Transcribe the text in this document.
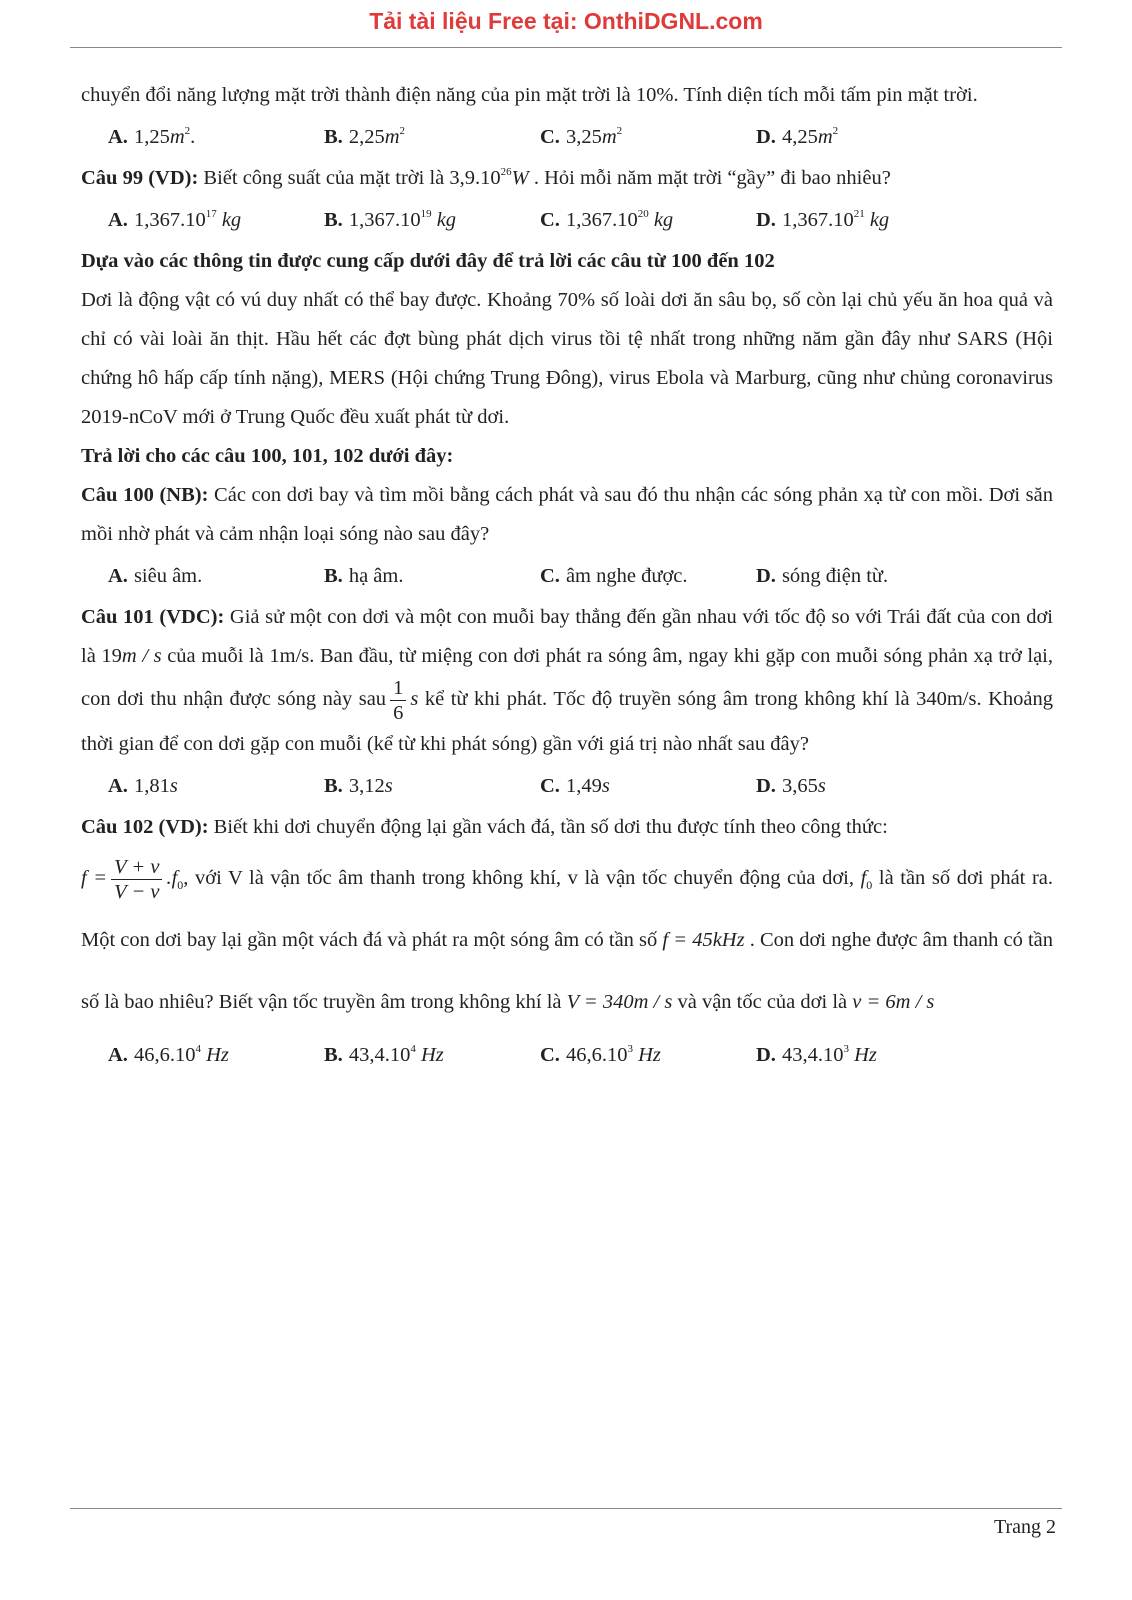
Tải tài liệu Free tại: OnthiDGNL.com

chuyển đổi năng lượng mặt trời thành điện năng của pin mặt trời là 10%. Tính diện tích mỗi tấm pin mặt trời.

A. $1,25m^2$.	B. $2,25m^2$	C. $3,25m^2$	D. $4,25m^2$

Câu 99 (VD): Biết công suất của mặt trời là 3,9.10$^{26}$W . Hỏi mỗi năm mặt trời “gầy” đi bao nhiêu?

A. 1,367.10$^{17}$ kg	B. 1,367.10$^{19}$ kg	C. 1,367.10$^{20}$ kg	D. 1,367.10$^{21}$ kg

Dựa vào các thông tin được cung cấp dưới đây để trả lời các câu từ 100 đến 102

Dơi là động vật có vú duy nhất có thể bay được. Khoảng 70% số loài dơi ăn sâu bọ, số còn lại chủ yếu ăn hoa quả và chỉ có vài loài ăn thịt. Hầu hết các đợt bùng phát dịch virus tồi tệ nhất trong những năm gần đây như SARS (Hội chứng hô hấp cấp tính nặng), MERS (Hội chứng Trung Đông), virus Ebola và Marburg, cũng như chủng coronavirus 2019-nCoV mới ở Trung Quốc đều xuất phát từ dơi.

Trả lời cho các câu 100, 101, 102 dưới đây:

Câu 100 (NB): Các con dơi bay và tìm mồi bằng cách phát và sau đó thu nhận các sóng phản xạ từ con mồi. Dơi săn mồi nhờ phát và cảm nhận loại sóng nào sau đây?

A. siêu âm.	B. hạ âm.	C. âm nghe được.	D. sóng điện từ.

Câu 101 (VDC): Giả sử một con dơi và một con muỗi bay thẳng đến gần nhau với tốc độ so với Trái đất của con dơi là 19m / s của muỗi là 1m/s. Ban đầu, từ miệng con dơi phát ra sóng âm, ngay khi gặp con muỗi sóng phản xạ trở lại, con dơi thu nhận được sóng này sau $\frac{1}{6}$ s kể từ khi phát. Tốc độ truyền sóng âm trong không khí là 340m/s. Khoảng thời gian để con dơi gặp con muỗi (kể từ khi phát sóng) gần với giá trị nào nhất sau đây?

A. 1,81s	B. 3,12s	C. 1,49s	D. 3,65s

Câu 102 (VD): Biết khi dơi chuyển động lại gần vách đá, tần số dơi thu được tính theo công thức:

$f = \frac{V + v}{V - v} .f_0$, với V là vận tốc âm thanh trong không khí, v là vận tốc chuyển động của dơi, $f_0$ là tần số dơi phát ra. Một con dơi bay lại gần một vách đá và phát ra một sóng âm có tần số f = 45kHz . Con dơi nghe được âm thanh có tần số là bao nhiêu? Biết vận tốc truyền âm trong không khí là V = 340m / s và vận tốc của dơi là v = 6m / s

A. 46,6.10$^4$ Hz	B. 43,4.10$^4$ Hz	C. 46,6.10$^3$ Hz	D. 43,4.10$^3$ Hz
Trang 2
